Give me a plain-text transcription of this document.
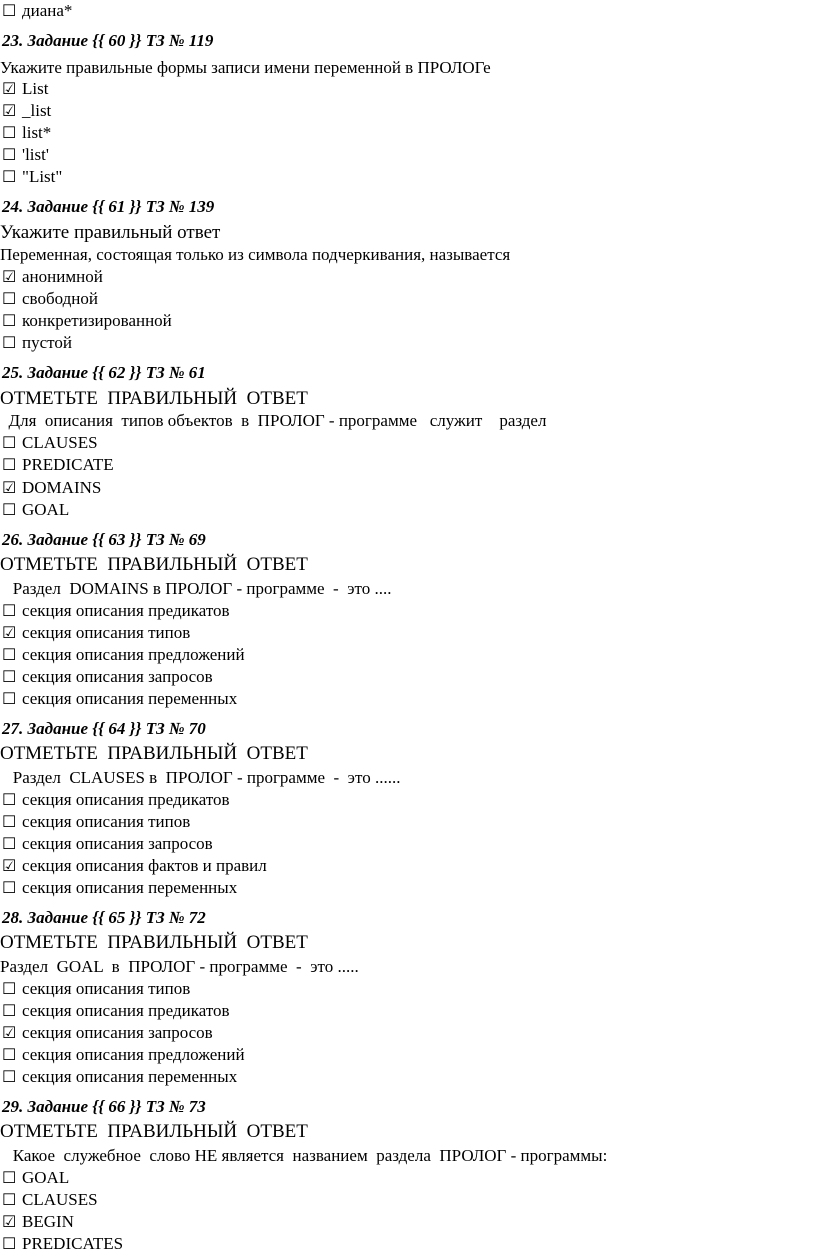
☐ диана*
23. Задание {{ 60 }} ТЗ № 119
Укажите правильные формы записи имени переменной в ПРОЛОГе
☑ List
☑ _list
☐ list*
☐ 'list'
☐ "List"
24. Задание {{ 61 }} ТЗ № 139
Укажите правильный ответ
Переменная, состоящая только из символа подчеркивания, называется
☑ анонимной
☐ свободной
☐ конкретизированной
☐ пустой
25. Задание {{ 62 }} ТЗ № 61
ОТМЕТЬТЕ  ПРАВИЛЬНЫЙ  ОТВЕТ
Для  описания  типов объектов  в  ПРОЛОГ - программе   служит    раздел
☐ CLAUSES
☐ PREDICATE
☑ DOMAINS
☐ GOAL
26. Задание {{ 63 }} ТЗ № 69
ОТМЕТЬТЕ  ПРАВИЛЬНЫЙ  ОТВЕТ
Раздел  DOMAINS в ПРОЛОГ - программе  -  это ....
☐ секция описания предикатов
☑ секция описания типов
☐ секция описания предложений
☐ секция описания запросов
☐ секция описания переменных
27. Задание {{ 64 }} ТЗ № 70
ОТМЕТЬТЕ  ПРАВИЛЬНЫЙ  ОТВЕТ
Раздел  CLAUSES в  ПРОЛОГ - программе  -  это ......
☐ секция описания предикатов
☐ секция описания типов
☐ секция описания запросов
☑ секция описания фактов и правил
☐ секция описания переменных
28. Задание {{ 65 }} ТЗ № 72
ОТМЕТЬТЕ  ПРАВИЛЬНЫЙ  ОТВЕТ
Раздел  GOAL  в  ПРОЛОГ - программе  -  это .....
☐ секция описания типов
☐ секция описания предикатов
☑ секция описания запросов
☐ секция описания предложений
☐ секция описания переменных
29. Задание {{ 66 }} ТЗ № 73
ОТМЕТЬТЕ  ПРАВИЛЬНЫЙ  ОТВЕТ
Какое  служебное  слово НЕ является  названием  раздела  ПРОЛОГ - программы:
☐ GOAL
☐ CLAUSES
☑ BEGIN
☐ PREDICATES
